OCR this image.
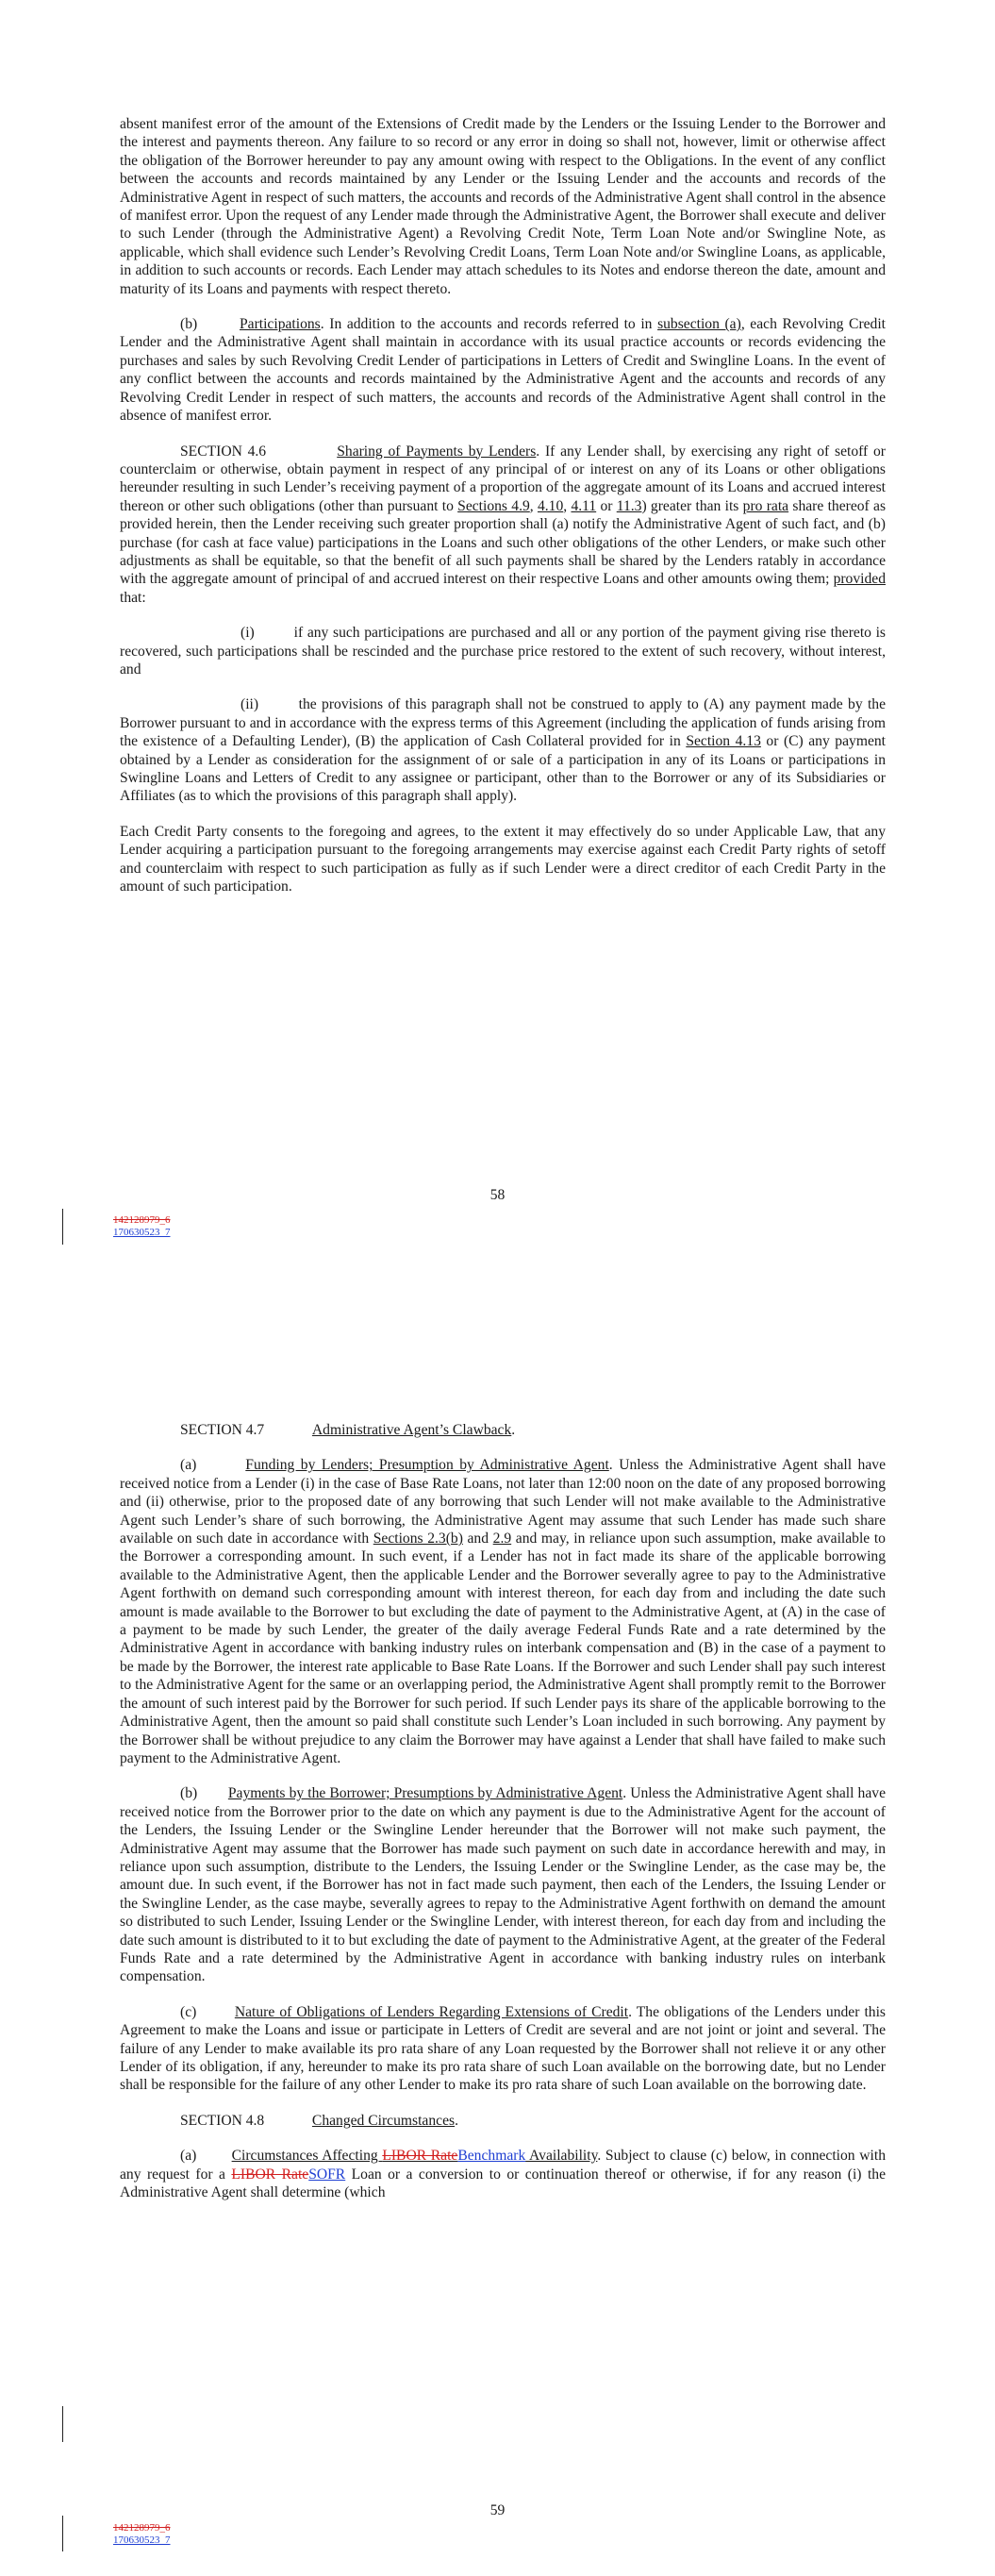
absent manifest error of the amount of the Extensions of Credit made by the Lenders or the Issuing Lender to the Borrower and the interest and payments thereon. Any failure to so record or any error in doing so shall not, however, limit or otherwise affect the obligation of the Borrower hereunder to pay any amount owing with respect to the Obligations. In the event of any conflict between the accounts and records maintained by any Lender or the Issuing Lender and the accounts and records of the Administrative Agent in respect of such matters, the accounts and records of the Administrative Agent shall control in the absence of manifest error. Upon the request of any Lender made through the Administrative Agent, the Borrower shall execute and deliver to such Lender (through the Administrative Agent) a Revolving Credit Note, Term Loan Note and/or Swingline Note, as applicable, which shall evidence such Lender’s Revolving Credit Loans, Term Loan Note and/or Swingline Loans, as applicable, in addition to such accounts or records. Each Lender may attach schedules to its Notes and endorse thereon the date, amount and maturity of its Loans and payments with respect thereto.

(b)	Participations. In addition to the accounts and records referred to in subsection (a), each Revolving Credit Lender and the Administrative Agent shall maintain in accordance with its usual practice accounts or records evidencing the purchases and sales by such Revolving Credit Lender of participations in Letters of Credit and Swingline Loans. In the event of any conflict between the accounts and records maintained by the Administrative Agent and the accounts and records of any Revolving Credit Lender in respect of such matters, the accounts and records of the Administrative Agent shall control in the absence of manifest error.

SECTION 4.6	Sharing of Payments by Lenders. If any Lender shall, by exercising any right of setoff or counterclaim or otherwise, obtain payment in respect of any principal of or interest on any of its Loans or other obligations hereunder resulting in such Lender’s receiving payment of a proportion of the aggregate amount of its Loans and accrued interest thereon or other such obligations (other than pursuant to Sections 4.9, 4.10, 4.11 or 11.3) greater than its pro rata share thereof as provided herein, then the Lender receiving such greater proportion shall (a) notify the Administrative Agent of such fact, and (b) purchase (for cash at face value) participations in the Loans and such other obligations of the other Lenders, or make such other adjustments as shall be equitable, so that the benefit of all such payments shall be shared by the Lenders ratably in accordance with the aggregate amount of principal of and accrued interest on their respective Loans and other amounts owing them; provided that:

(i)	if any such participations are purchased and all or any portion of the payment giving rise thereto is recovered, such participations shall be rescinded and the purchase price restored to the extent of such recovery, without interest, and

(ii)	the provisions of this paragraph shall not be construed to apply to (A) any payment made by the Borrower pursuant to and in accordance with the express terms of this Agreement (including the application of funds arising from the existence of a Defaulting Lender), (B) the application of Cash Collateral provided for in Section 4.13 or (C) any payment obtained by a Lender as consideration for the assignment of or sale of a participation in any of its Loans or participations in Swingline Loans and Letters of Credit to any assignee or participant, other than to the Borrower or any of its Subsidiaries or Affiliates (as to which the provisions of this paragraph shall apply).

Each Credit Party consents to the foregoing and agrees, to the extent it may effectively do so under Applicable Law, that any Lender acquiring a participation pursuant to the foregoing arrangements may exercise against each Credit Party rights of setoff and counterclaim with respect to such participation as fully as if such Lender were a direct creditor of each Credit Party in the amount of such participation.

58
142128979_6
170630523_7

SECTION 4.7	Administrative Agent’s Clawback.

(a)	Funding by Lenders; Presumption by Administrative Agent. Unless the Administrative Agent shall have received notice from a Lender (i) in the case of Base Rate Loans, not later than 12:00 noon on the date of any proposed borrowing and (ii) otherwise, prior to the proposed date of any borrowing that such Lender will not make available to the Administrative Agent such Lender’s share of such borrowing, the Administrative Agent may assume that such Lender has made such share available on such date in accordance with Sections 2.3(b) and 2.9 and may, in reliance upon such assumption, make available to the Borrower a corresponding amount. In such event, if a Lender has not in fact made its share of the applicable borrowing available to the Administrative Agent, then the applicable Lender and the Borrower severally agree to pay to the Administrative Agent forthwith on demand such corresponding amount with interest thereon, for each day from and including the date such amount is made available to the Borrower to but excluding the date of payment to the Administrative Agent, at (A) in the case of a payment to be made by such Lender, the greater of the daily average Federal Funds Rate and a rate determined by the Administrative Agent in accordance with banking industry rules on interbank compensation and (B) in the case of a payment to be made by the Borrower, the interest rate applicable to Base Rate Loans. If the Borrower and such Lender shall pay such interest to the Administrative Agent for the same or an overlapping period, the Administrative Agent shall promptly remit to the Borrower the amount of such interest paid by the Borrower for such period. If such Lender pays its share of the applicable borrowing to the Administrative Agent, then the amount so paid shall constitute such Lender’s Loan included in such borrowing. Any payment by the Borrower shall be without prejudice to any claim the Borrower may have against a Lender that shall have failed to make such payment to the Administrative Agent.

(b) Payments by the Borrower; Presumptions by Administrative Agent. Unless the Administrative Agent shall have received notice from the Borrower prior to the date on which any payment is due to the Administrative Agent for the account of the Lenders, the Issuing Lender or the Swingline Lender hereunder that the Borrower will not make such payment, the Administrative Agent may assume that the Borrower has made such payment on such date in accordance herewith and may, in reliance upon such assumption, distribute to the Lenders, the Issuing Lender or the Swingline Lender, as the case may be, the amount due. In such event, if the Borrower has not in fact made such payment, then each of the Lenders, the Issuing Lender or the Swingline Lender, as the case maybe, severally agrees to repay to the Administrative Agent forthwith on demand the amount so distributed to such Lender, Issuing Lender or the Swingline Lender, with interest thereon, for each day from and including the date such amount is distributed to it to but excluding the date of payment to the Administrative Agent, at the greater of the Federal Funds Rate and a rate determined by the Administrative Agent in accordance with banking industry rules on interbank compensation.

(c)	Nature of Obligations of Lenders Regarding Extensions of Credit. The obligations of the Lenders under this Agreement to make the Loans and issue or participate in Letters of Credit are several and are not joint or joint and several. The failure of any Lender to make available its pro rata share of any Loan requested by the Borrower shall not relieve it or any other Lender of its obligation, if any, hereunder to make its pro rata share of such Loan available on the borrowing date, but no Lender shall be responsible for the failure of any other Lender to make its pro rata share of such Loan available on the borrowing date.

SECTION 4.8	Changed Circumstances.

(a) Circumstances Affecting LIBOR RateBenchmark Availability. Subject to clause (c) below, in connection with any request for a LIBOR RateSOFR Loan or a conversion to or continuation thereof or otherwise, if for any reason (i) the Administrative Agent shall determine (which

59
142128979_6
170630523_7
